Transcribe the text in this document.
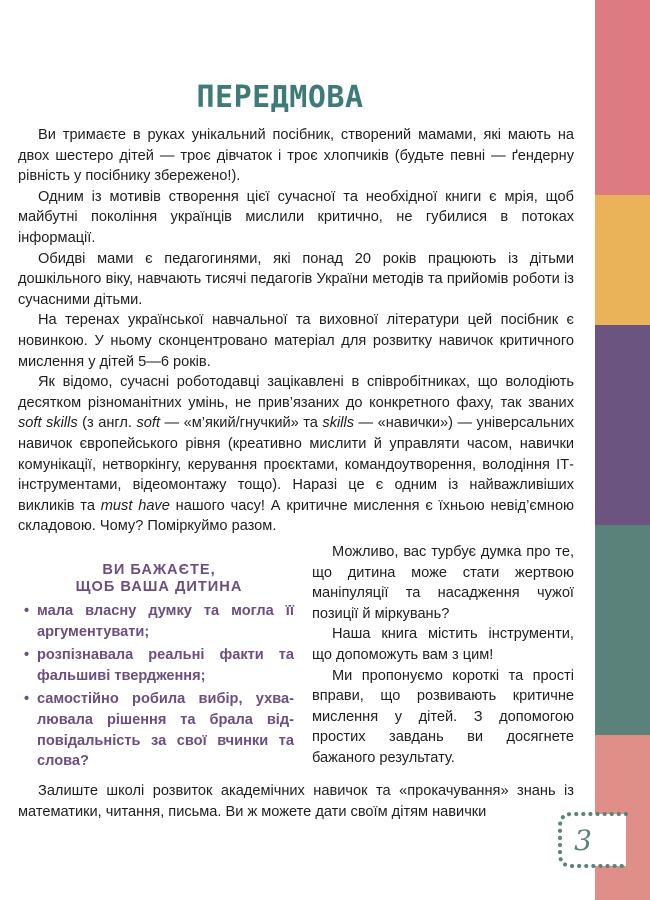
ПЕРЕДМОВА

Ви тримаєте в руках унікальний посібник, створений мамами, які мають на двох шестеро дітей — троє дівчаток і троє хлопчиків (будьте певні — ґендерну рівність у посібнику збережено!).

Одним із мотивів створення цієї сучасної та необхідної книги є мрія, щоб майбутні покоління українців мислили критично, не губилися в потоках інформації.

Обидві мами є педагогинями, які понад 20 років працюють із дітьми дошкільного віку, навчають тисячі педагогів України методів та прийомів роботи із сучасними дітьми.

На теренах української навчальної та виховної літератури цей посібник є новинкою. У ньому сконцентровано матеріал для розвитку навичок критичного мислення у дітей 5—6 років.

Як відомо, сучасні роботодавці зацікавлені в співробітниках, що володіють десятком різноманітних умінь, не прив’язаних до конкретного фаху, так званих soft skills (з англ. soft — «м’який/гнучкий» та skills — «навички») — універсальних навичок європейського рівня (креативно мислити й управляти часом, навички комунікації, нетворкінгу, керування проєктами, командоутворення, володіння ІТ-інструментами, відеомонтажу тощо). Наразі це є одним із найважливіших викликів та must have нашого часу! А критичне мислення є їхньою невід’ємною складовою. Чому? Поміркуймо разом.

ВИ БАЖАЄТЕ,
ЩОБ ВАША ДИТИНА
• мала власну думку та могла її аргументувати;
• розпізнавала реальні факти та фальшиві твердження;
• самостійно робила вибір, ухвалювала рішення та брала відповідальність за свої вчинки та слова?

Можливо, вас турбує думка про те, що дитина може стати жертвою маніпуляції та насадження чужої позиції й міркувань?

Наша книга містить інструменти, що допоможуть вам з цим!

Ми пропонуємо короткі та прості вправи, що розвивають критичне мислення у дітей. З допомогою простих завдань ви досягнете бажаного результату.

Залиште школі розвиток академічних навичок та «прокачування» знань із математики, читання, письма. Ви ж можете дати своїм дітям навички

3
